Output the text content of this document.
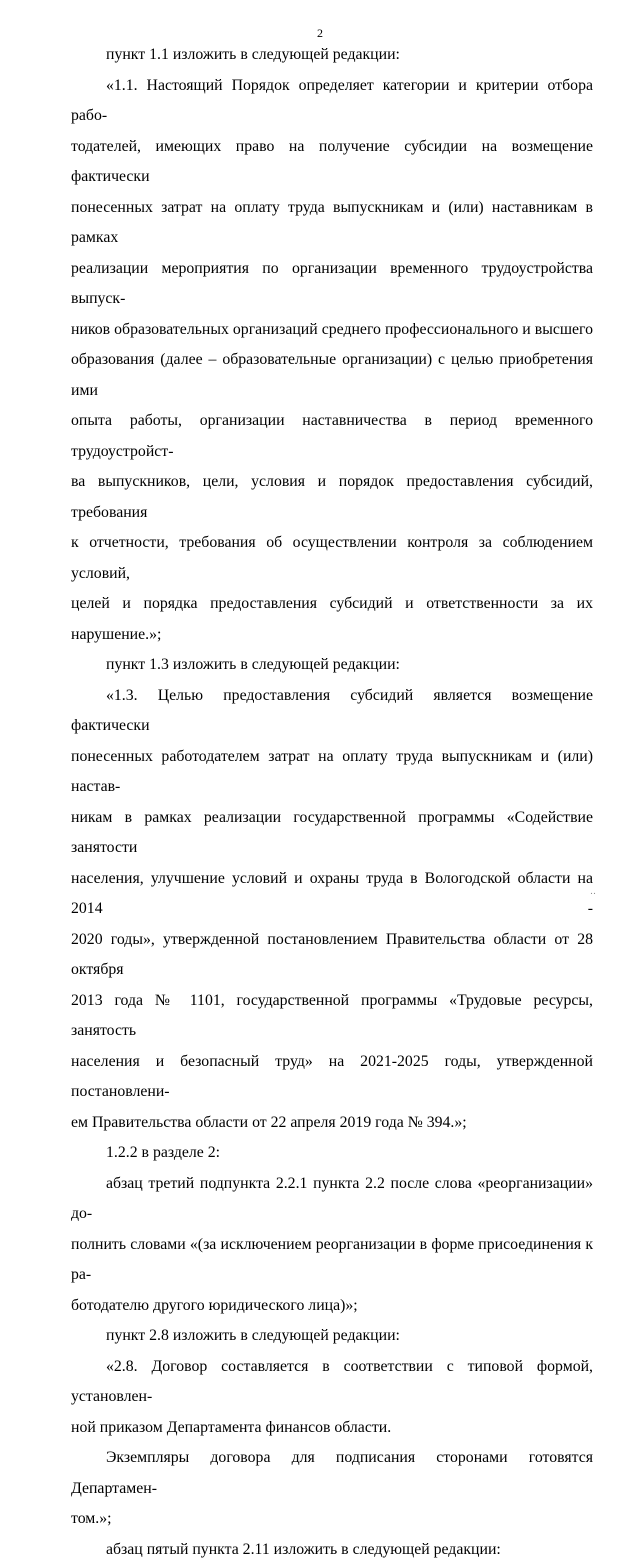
2
пункт 1.1 изложить в следующей редакции:
«1.1. Настоящий Порядок определяет категории и критерии отбора рабо-
тодателей, имеющих право на получение субсидии на возмещение фактически
понесенных затрат на оплату труда выпускникам и (или) наставникам в рамках
реализации мероприятия по организации временного трудоустройства выпуск-
ников образовательных организаций среднего профессионального и высшего
образования (далее – образовательные организации) с целью приобретения ими
опыта работы, организации наставничества в период временного трудоустройст-
ва выпускников, цели, условия и порядок предоставления субсидий, требования
к отчетности, требования об осуществлении контроля за соблюдением условий,
целей и порядка предоставления субсидий и ответственности за их нарушение.»;
пункт 1.3 изложить в следующей редакции:
«1.3. Целью предоставления субсидий является возмещение фактически
понесенных работодателем затрат на оплату труда выпускникам и (или) настав-
никам в рамках реализации государственной программы «Содействие занятости
населения, улучшение условий и охраны труда в Вологодской области на 2014 -
2020 годы», утвержденной постановлением Правительства области от 28 октября
2013 года № 1101, государственной программы «Трудовые ресурсы, занятость
населения и безопасный труд» на 2021-2025 годы, утвержденной постановлени-
ем Правительства области от 22 апреля 2019 года № 394.»;
1.2.2 в разделе 2:
абзац третий подпункта 2.2.1 пункта 2.2 после слова «реорганизации» до-
полнить словами «(за исключением реорганизации в форме присоединения к ра-
ботодателю другого юридического лица)»;
пункт 2.8 изложить в следующей редакции:
«2.8. Договор составляется в соответствии с типовой формой, установлен-
ной приказом Департамента финансов области.
Экземпляры договора для подписания сторонами готовятся Департамен-
том.»;
абзац пятый пункта 2.11 изложить в следующей редакции:
‥
